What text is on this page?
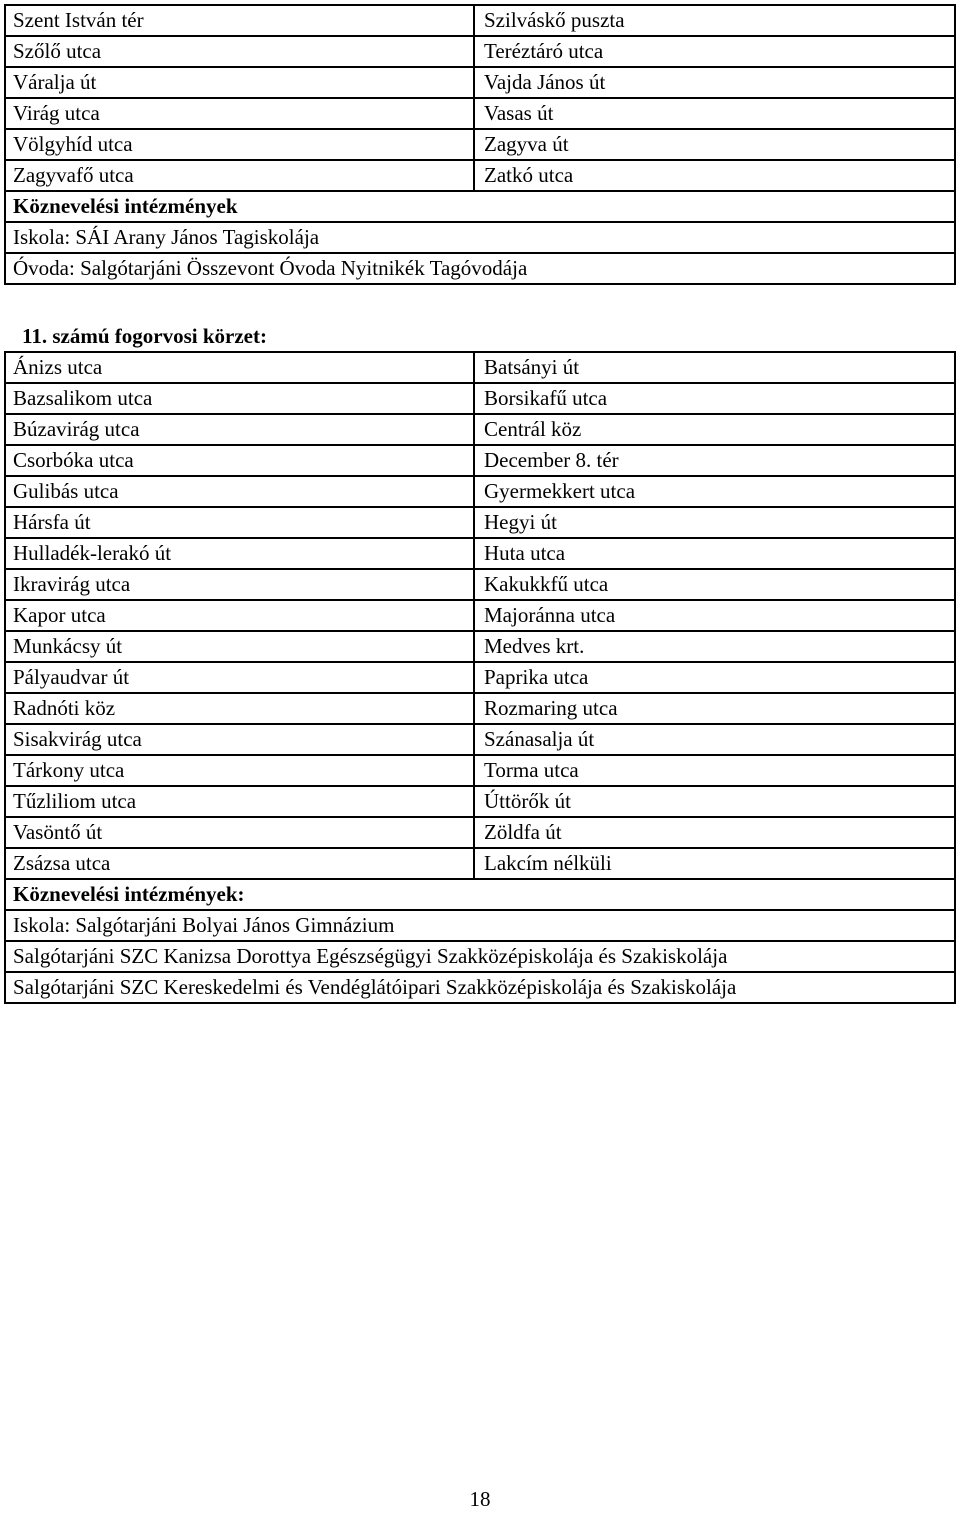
Szent István tér	Szilváskő puszta
Szőlő utca	Teréztáró utca
Váralja út	Vajda János út
Virág utca	Vasas út
Völgyhíd utca	Zagyva út
Zagyvafő utca	Zatkó utca
Köznevelési intézmények	
Iskola: SÁI Arany János Tagiskolája	
Óvoda: Salgótarjáni Összevont Óvoda Nyitnikék Tagóvodája	
11. számú fogorvosi körzet:
Ánizs utca	Batsányi út
Bazsalikom utca	Borsikafű utca
Búzavirág utca	Centrál köz
Csorbóka utca	December 8. tér
Gulibás utca	Gyermekkert utca
Hársfa út	Hegyi út
Hulladék-lerakó út	Huta utca
Ikravirág utca	Kakukkfű utca
Kapor utca	Majoránna utca
Munkácsy út	Medves krt.
Pályaudvar út	Paprika utca
Radnóti köz	Rozmaring utca
Sisakvirág utca	Szánasalja út
Tárkony utca	Torma utca
Tűzliliom utca	Úttörők út
Vasöntő út	Zöldfa út
Zsázsa utca	Lakcím nélküli
Köznevelési intézmények:	
Iskola: Salgótarjáni Bolyai János Gimnázium	
Salgótarjáni SZC Kanizsa Dorottya Egészségügyi Szakközépiskolája és Szakiskolája	
Salgótarjáni SZC Kereskedelmi és Vendéglátóipari Szakközépiskolája és Szakiskolája	
18
